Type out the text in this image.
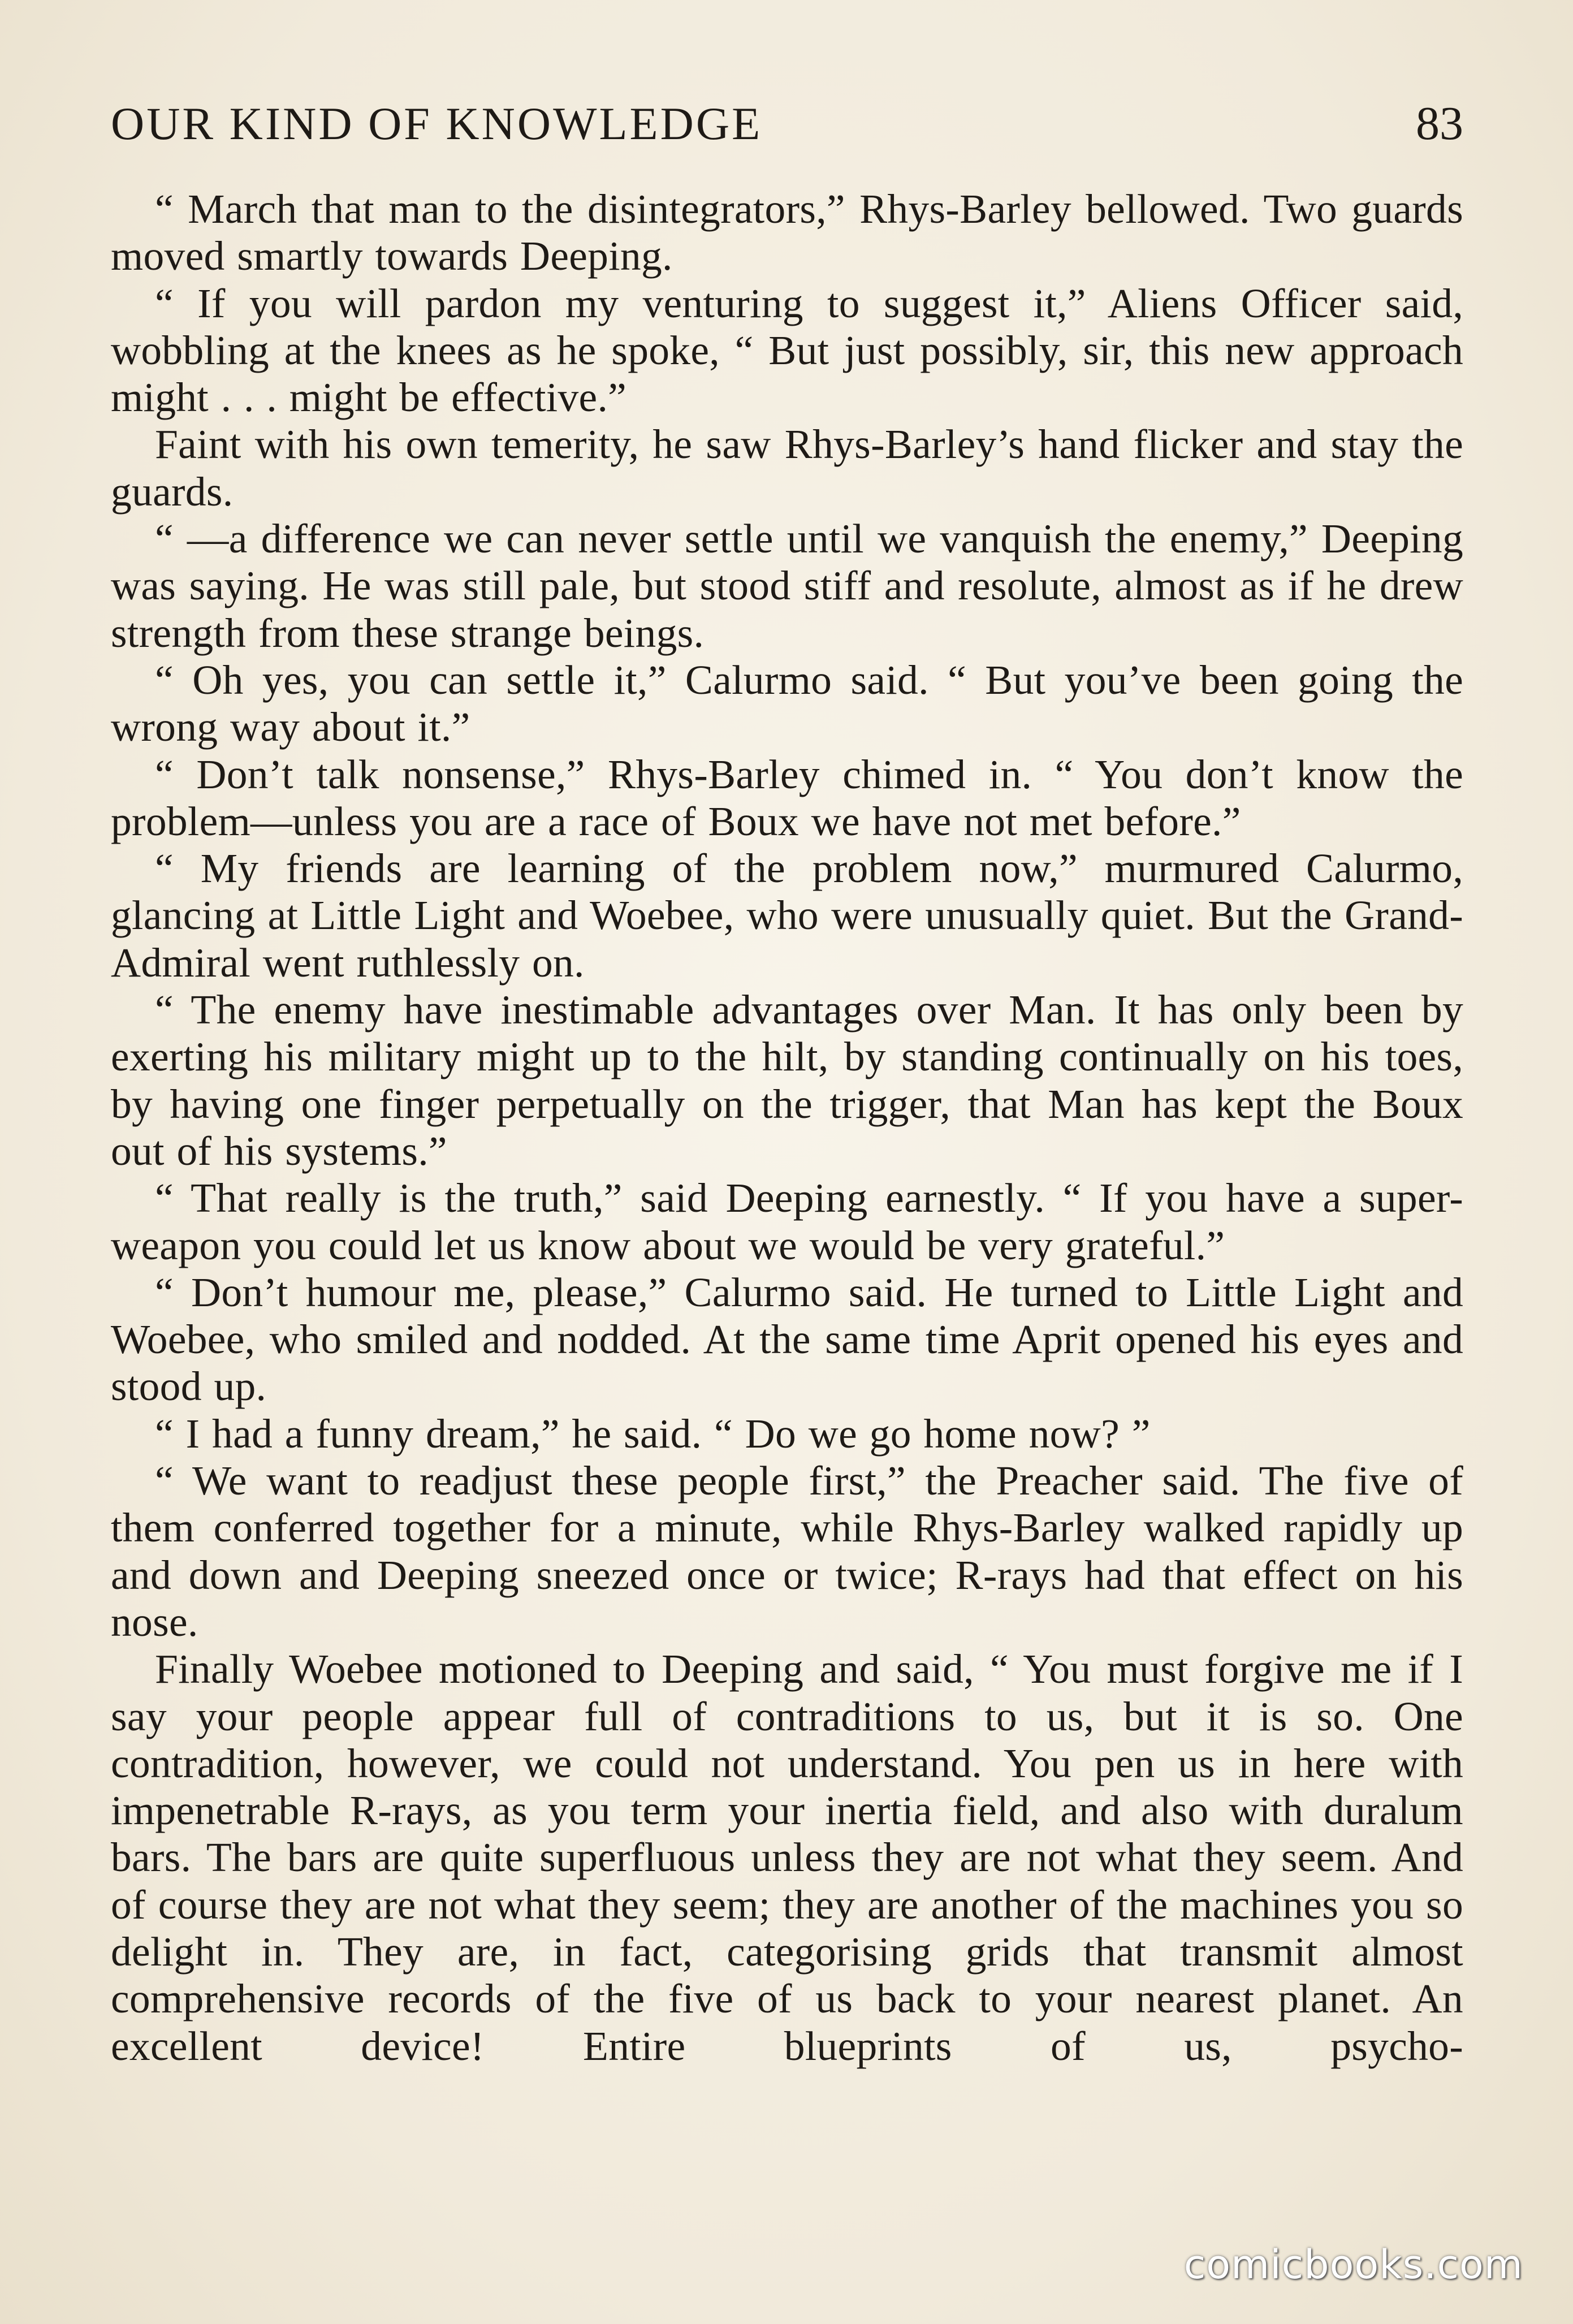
OUR KIND OF KNOWLEDGE	83

“ March that man to the disintegrators,” Rhys-Barley bellowed. Two guards moved smartly towards Deeping.

“ If you will pardon my venturing to suggest it,” Aliens Officer said, wobbling at the knees as he spoke, “ But just possibly, sir, this new approach might . . . might be effective.”

Faint with his own temerity, he saw Rhys-Barley’s hand flicker and stay the guards.

“ —a difference we can never settle until we vanquish the enemy,” Deeping was saying. He was still pale, but stood stiff and resolute, almost as if he drew strength from these strange beings.

“ Oh yes, you can settle it,” Calurmo said. “ But you’ve been going the wrong way about it.”

“ Don’t talk nonsense,” Rhys-Barley chimed in. “ You don’t know the problem—unless you are a race of Boux we have not met before.”

“ My friends are learning of the problem now,” murmured Calurmo, glancing at Little Light and Woebee, who were unusually quiet. But the Grand-Admiral went ruthlessly on.

“ The enemy have inestimable advantages over Man. It has only been by exerting his military might up to the hilt, by standing continually on his toes, by having one finger perpetually on the trigger, that Man has kept the Boux out of his systems.”

“ That really is the truth,” said Deeping earnestly. “ If you have a super-weapon you could let us know about we would be very grateful.”

“ Don’t humour me, please,” Calurmo said. He turned to Little Light and Woebee, who smiled and nodded. At the same time Aprit opened his eyes and stood up.

“ I had a funny dream,” he said. “ Do we go home now? ”

“ We want to readjust these people first,” the Preacher said. The five of them conferred together for a minute, while Rhys-Barley walked rapidly up and down and Deeping sneezed once or twice; R-rays had that effect on his nose.

Finally Woebee motioned to Deeping and said, “ You must forgive me if I say your people appear full of contraditions to us, but it is so. One contradition, however, we could not understand. You pen us in here with impenetrable R-rays, as you term your inertia field, and also with duralum bars. The bars are quite superfluous unless they are not what they seem. And of course they are not what they seem; they are another of the machines you so delight in. They are, in fact, categorising grids that transmit almost comprehensive records of the five of us back to your nearest planet. An excellent device! Entire blueprints of us, psycho-

comicbooks.com
